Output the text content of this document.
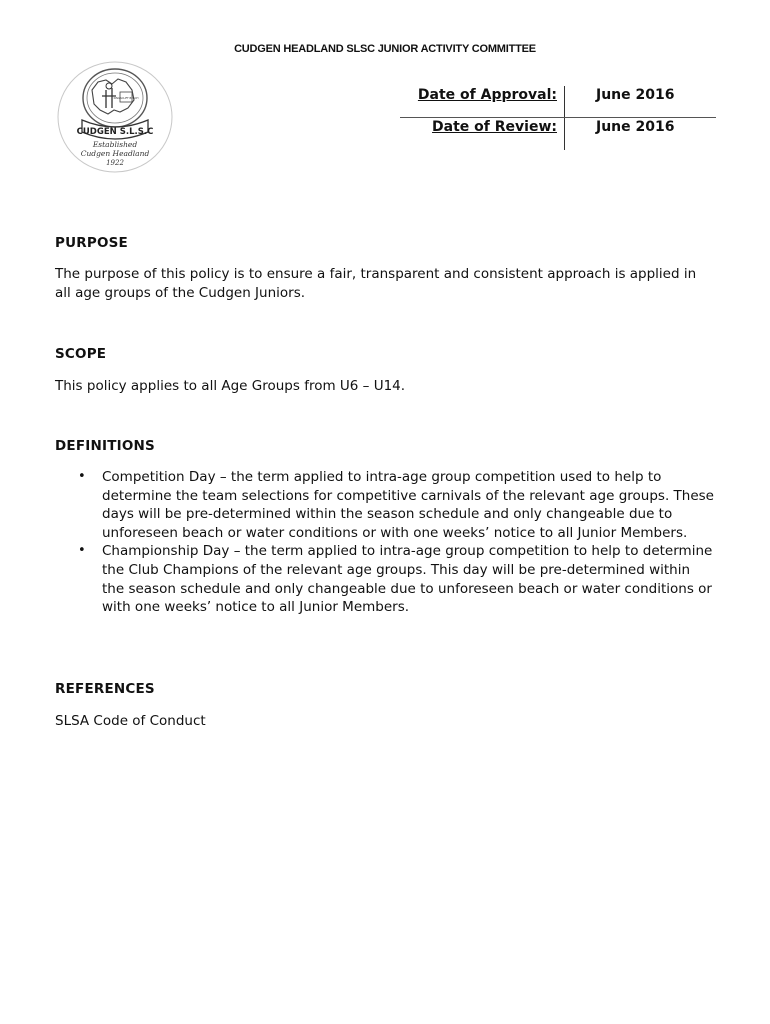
CUDGEN HEADLAND SLSC JUNIOR ACTIVITY COMMITTEE
KINGSCLIFF BEACH
CUDGEN S.L.S.C
Established
Cudgen Headland
1922
Date of Approval:	June 2016
Date of Review:	June 2016
PURPOSE
The purpose of this policy is to ensure a fair, transparent and consistent approach is applied in all age groups of the Cudgen Juniors.
SCOPE
This policy applies to all Age Groups from U6 – U14.
DEFINITIONS
• Competition Day – the term applied to intra-age group competition used to help to determine the team selections for competitive carnivals of the relevant age groups. These days will be pre-determined within the season schedule and only changeable due to unforeseen beach or water conditions or with one weeks’ notice to all Junior Members.
• Championship Day – the term applied to intra-age group competition to help to determine the Club Champions of the relevant age groups. This day will be pre-determined within the season schedule and only changeable due to unforeseen beach or water conditions or with one weeks’ notice to all Junior Members.
REFERENCES
SLSA Code of Conduct
